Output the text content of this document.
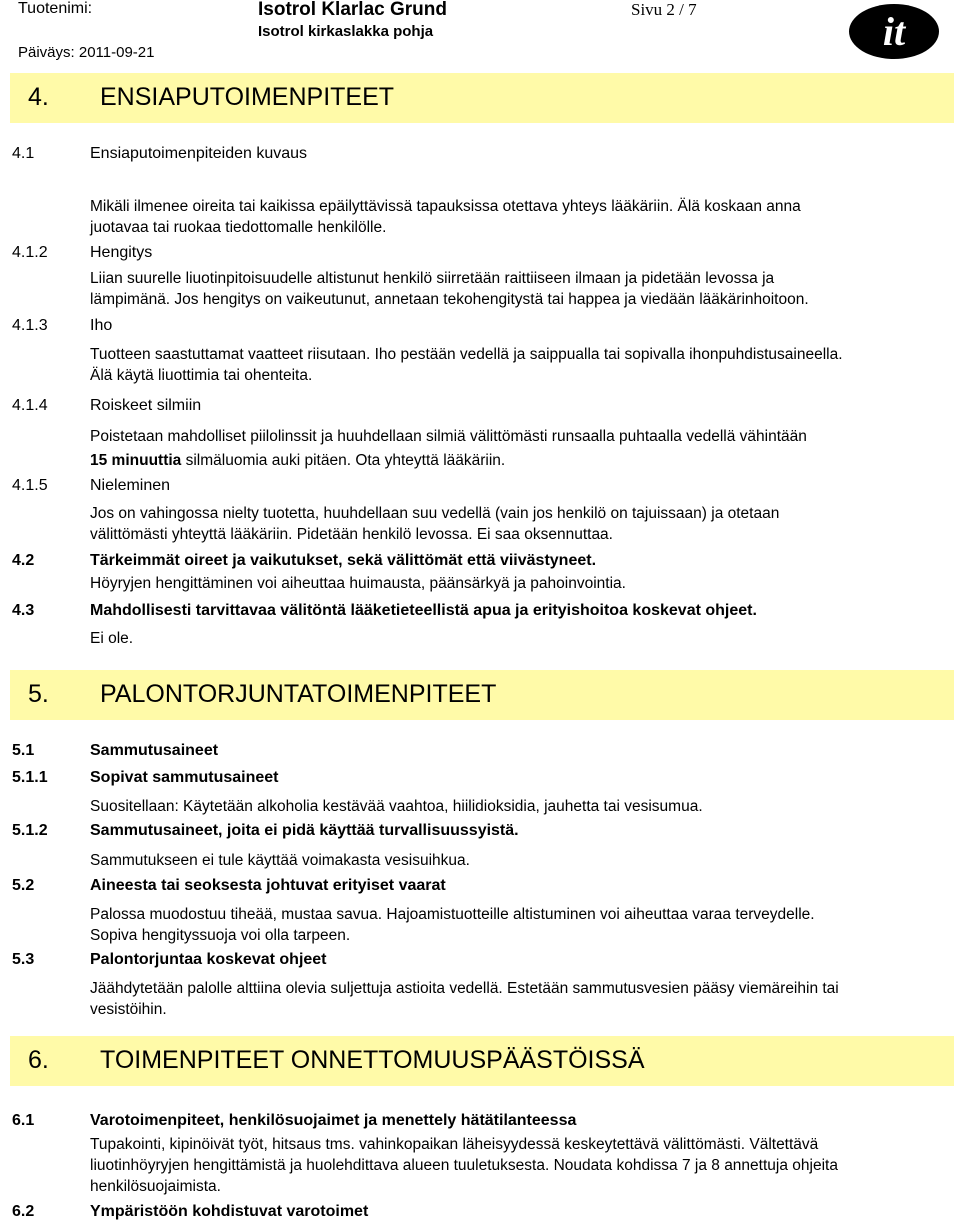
Tuotenimi:	Isotrol Klarlac Grund
Isotrol kirkaslakka pohja
Päiväys: 2011-09-21
Sivu 2 / 7	it
4. ENSIAPUTOIMENPITEET
4.1	Ensiaputoimenpiteiden kuvaus
Mikäli ilmenee oireita tai kaikissa epäilyttävissä tapauksissa otettava yhteys lääkäriin. Älä koskaan anna
juotavaa tai ruokaa tiedottomalle henkilölle.
4.1.2	Hengitys
Liian suurelle liuotinpitoisuudelle altistunut henkilö siirretään raittiiseen ilmaan ja pidetään levossa ja
lämpimänä. Jos hengitys on vaikeutunut, annetaan tekohengitystä tai happea ja viedään lääkärinhoitoon.
4.1.3	Iho
Tuotteen saastuttamat vaatteet riisutaan. Iho pestään vedellä ja saippualla tai sopivalla ihonpuhdistusaineella.
Älä käytä liuottimia tai ohenteita.
4.1.4	Roiskeet silmiin
Poistetaan mahdolliset piilolinssit ja huuhdellaan silmiä välittömästi runsaalla puhtaalla vedellä vähintään
15 minuuttia silmäluomia auki pitäen. Ota yhteyttä lääkäriin.
4.1.5	Nieleminen
Jos on vahingossa nielty tuotetta, huuhdellaan suu vedellä (vain jos henkilö on tajuissaan) ja otetaan
välittömästi yhteyttä lääkäriin. Pidetään henkilö levossa. Ei saa oksennuttaa.
4.2	Tärkeimmät oireet ja vaikutukset, sekä välittömät että viivästyneet.
Höyryjen hengittäminen voi aiheuttaa huimausta, päänsärkyä ja pahoinvointia.
4.3	Mahdollisesti tarvittavaa välitöntä lääketieteellistä apua ja erityishoitoa koskevat ohjeet.
Ei ole.
5. PALONTORJUNTATOIMENPITEET
5.1	Sammutusaineet
5.1.1	Sopivat sammutusaineet
Suositellaan: Käytetään alkoholia kestävää vaahtoa, hiilidioksidia, jauhetta tai vesisumua.
5.1.2	Sammutusaineet, joita ei pidä käyttää turvallisuussyistä.
Sammutukseen ei tule käyttää voimakasta vesisuihkua.
5.2	Aineesta tai seoksesta johtuvat erityiset vaarat
Palossa muodostuu tiheää, mustaa savua. Hajoamistuotteille altistuminen voi aiheuttaa varaa terveydelle.
Sopiva hengityssuoja voi olla tarpeen.
5.3	Palontorjuntaa koskevat ohjeet
Jäähdytetään palolle alttiina olevia suljettuja astioita vedellä. Estetään sammutusvesien pääsy viemäreihin tai
vesistöihin.
6. TOIMENPITEET ONNETTOMUUSPÄÄSTÖISSÄ
6.1	Varotoimenpiteet, henkilösuojaimet ja menettely hätätilanteessa
Tupakointi, kipinöivät työt, hitsaus tms. vahinkopaikan läheisyydessä keskeytettävä välittömästi. Vältettävä
liuotinhöyryjen hengittämistä ja huolehdittava alueen tuuletuksesta. Noudata kohdissa 7 ja 8 annettuja ohjeita
henkilösuojaimista.
6.2	Ympäristöön kohdistuvat varotoimet
